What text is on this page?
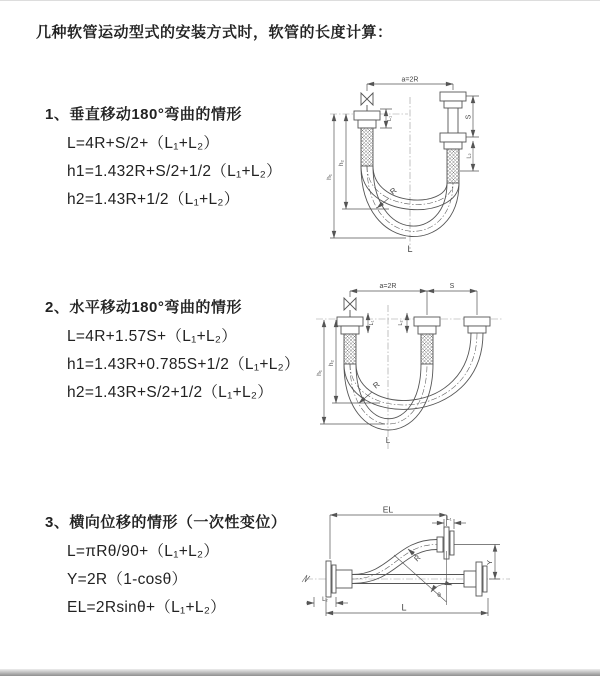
几种软管运动型式的安装方式时，软管的长度计算：
1、垂直移动180°弯曲的情形
L=4R+S/2+（L₁+L₂）
h1=1.432R+S/2+1/2（L₁+L₂）
h2=1.43R+1/2（L₁+L₂）
a=2R
S
L₂
h₁
h₂
L₁
R
L
2、水平移动180°弯曲的情形
L=4R+1.57S+（L₁+L₂）
h1=1.43R+0.785S+1/2（L₁+L₂）
h2=1.43R+S/2+1/2（L₁+L₂）
a=2R	S
h₁
h₂
L₁	L₂
R
L
3、横向位移的情形（一次性变位）
L=πRθ/90+（L₁+L₂）
Y=2R（1-cosθ）
EL=2Rsinθ+（L₁+L₂）
EL
L₁
Y
L
L₂
R
θ
